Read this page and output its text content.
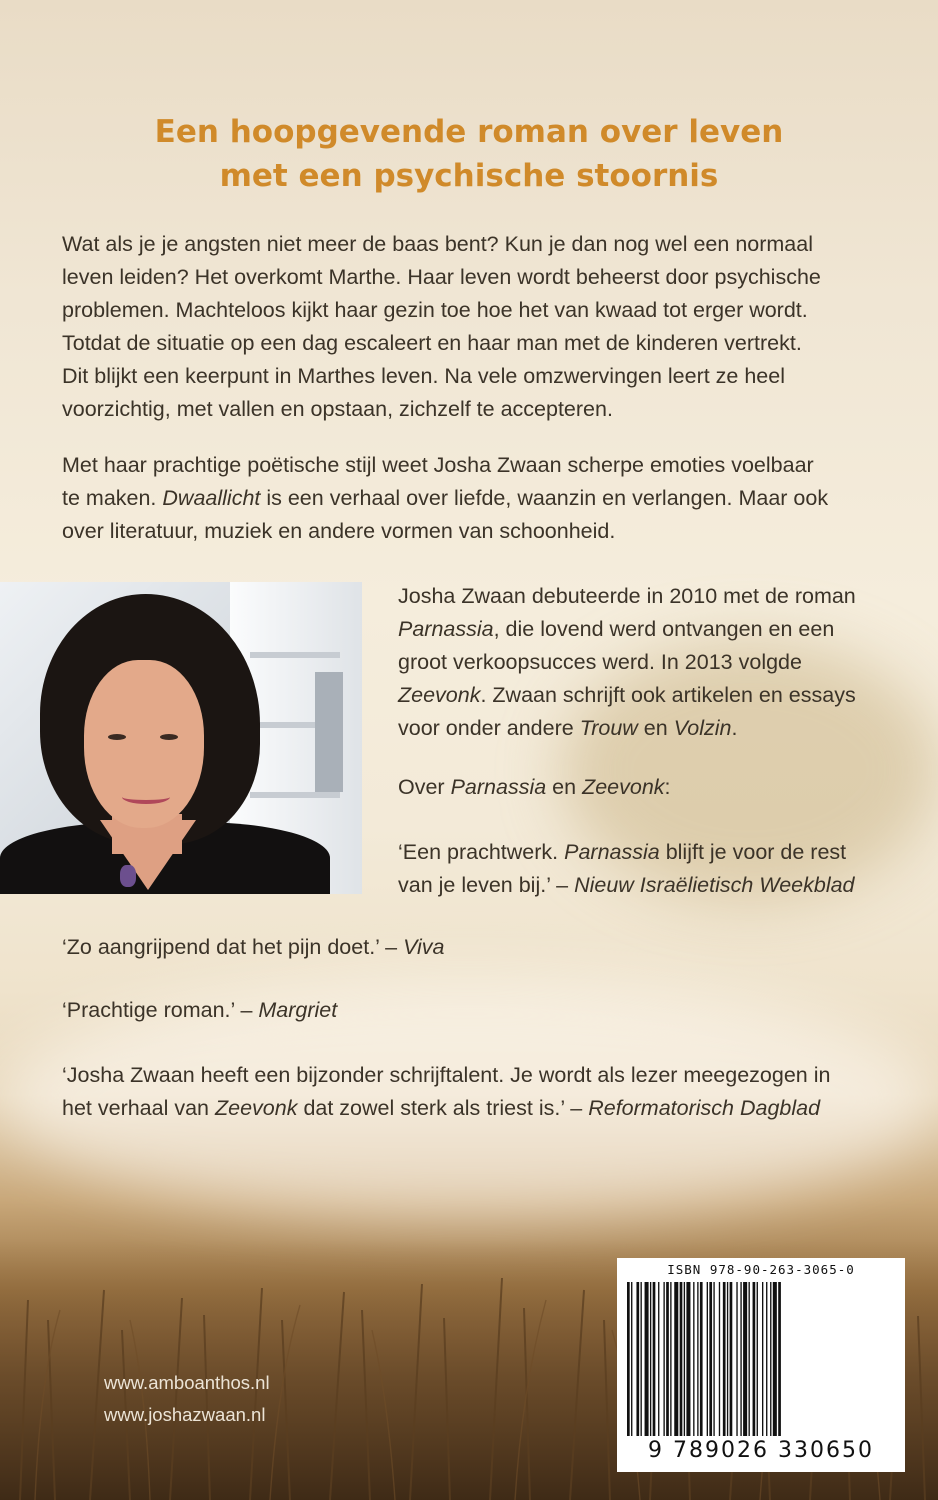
Een hoopgevende roman over leven
met een psychische stoornis
Wat als je je angsten niet meer de baas bent? Kun je dan nog wel een normaal
leven leiden? Het overkomt Marthe. Haar leven wordt beheerst door psychische
problemen. Machteloos kijkt haar gezin toe hoe het van kwaad tot erger wordt.
Totdat de situatie op een dag escaleert en haar man met de kinderen vertrekt.
Dit blijkt een keerpunt in Marthes leven. Na vele omzwervingen leert ze heel
voorzichtig, met vallen en opstaan, zichzelf te accepteren.
Met haar prachtige poëtische stijl weet Josha Zwaan scherpe emoties voelbaar
te maken. Dwaallicht is een verhaal over liefde, waanzin en verlangen. Maar ook
over literatuur, muziek en andere vormen van schoonheid.
Josha Zwaan debuteerde in 2010 met de roman
Parnassia, die lovend werd ontvangen en een
groot verkoopsucces werd. In 2013 volgde
Zeevonk. Zwaan schrijft ook artikelen en essays
voor onder andere Trouw en Volzin.
Over Parnassia en Zeevonk:
‘Een prachtwerk. Parnassia blijft je voor de rest
van je leven bij.’ – Nieuw Israëlietisch Weekblad
‘Zo aangrijpend dat het pijn doet.’ – Viva
‘Prachtige roman.’ – Margriet
‘Josha Zwaan heeft een bijzonder schrijftalent. Je wordt als lezer meegezogen in
het verhaal van Zeevonk dat zowel sterk als triest is.’ – Reformatorisch Dagblad
ISBN 978-90-263-3065-0
9 789026 330650
www.amboanthos.nl
www.joshazwaan.nl
